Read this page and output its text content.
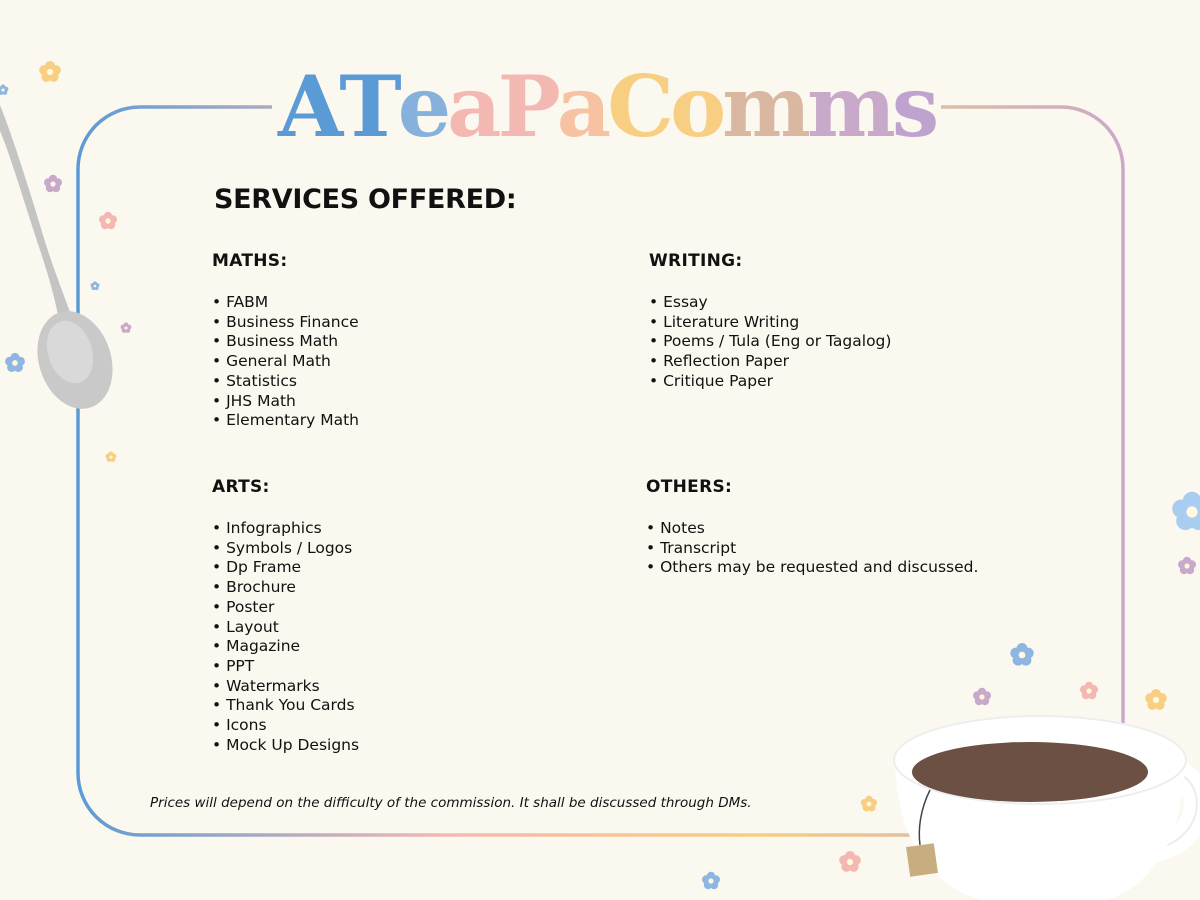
ATeaPaComms
SERVICES OFFERED:
MATHS:
• FABM
• Business Finance
• Business Math
• General Math
• Statistics
• JHS Math
• Elementary Math
WRITING:
• Essay
• Literature Writing
• Poems / Tula (Eng or Tagalog)
• Reflection Paper
• Critique Paper
ARTS:
• Infographics
• Symbols / Logos
• Dp Frame
• Brochure
• Poster
• Layout
• Magazine
• PPT
• Watermarks
• Thank You Cards
• Icons
• Mock Up Designs
OTHERS:
• Notes
• Transcript
• Others may be requested and discussed.

Prices will depend on the difficulty of the commission. It shall be discussed through DMs.
